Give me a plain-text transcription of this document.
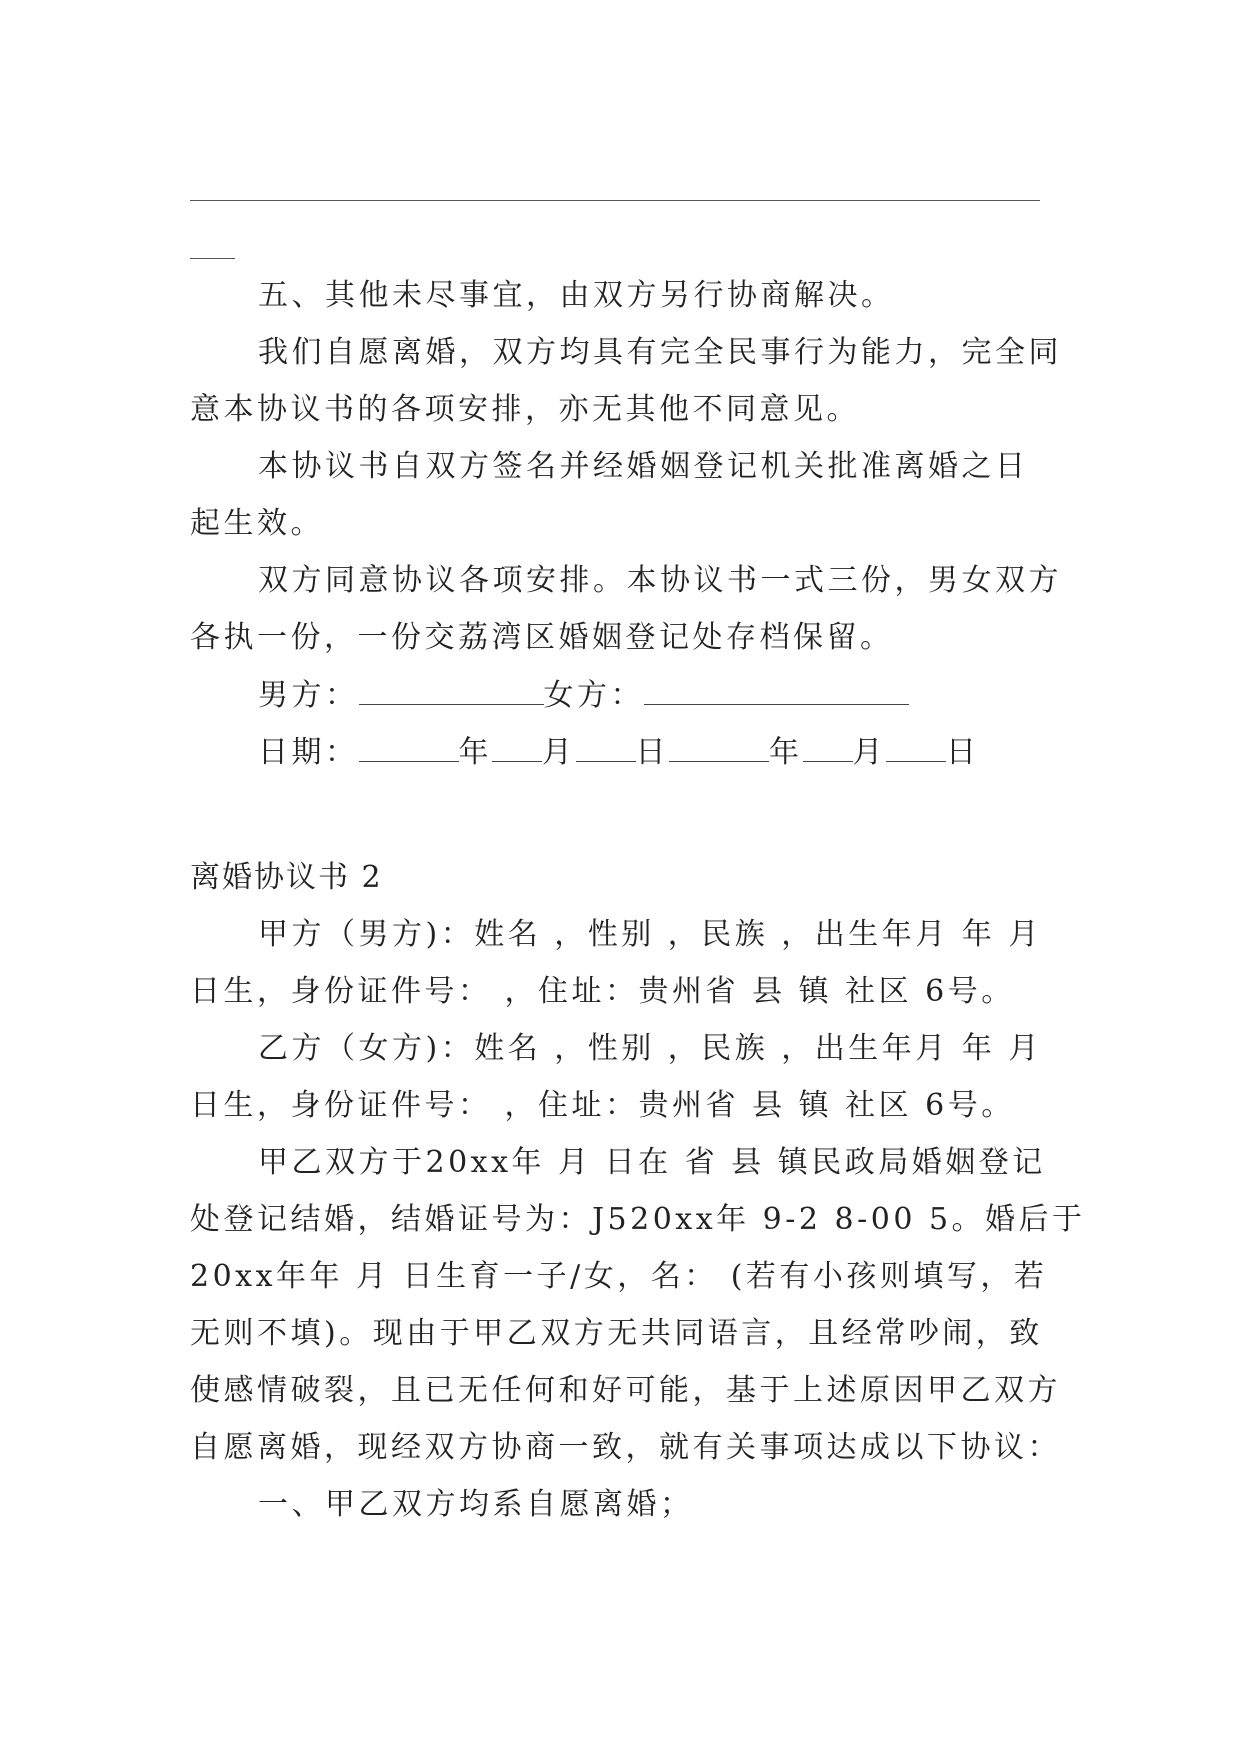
五、其他未尽事宜，由双方另行协商解决。
我们自愿离婚，双方均具有完全民事行为能力，完全同
意本协议书的各项安排，亦无其他不同意见。
本协议书自双方签名并经婚姻登记机关批准离婚之日
起生效。
双方同意协议各项安排。本协议书一式三份，男女双方
各执一份，一份交荔湾区婚姻登记处存档保留。
男方：	女方：
日期：	年 月 日	年 月 日
离婚协议书 2
甲方（男方)：姓名 ，性别 ，民族 ，出生年月 年 月
日生，身份证件号： ，住址：贵州省 县 镇 社区 6号。
乙方（女方)：姓名 ，性别 ，民族 ，出生年月 年 月
日生，身份证件号： ，住址：贵州省 县 镇 社区 6号。
甲乙双方于20xx年 月 日在 省 县 镇民政局婚姻登记
处登记结婚，结婚证号为：J520xx年 9-2 8-00 5。婚后于
20xx年年 月 日生育一子/女，名： (若有小孩则填写，若
无则不填)。现由于甲乙双方无共同语言，且经常吵闹，致
使感情破裂，且已无任何和好可能，基于上述原因甲乙双方
自愿离婚，现经双方协商一致，就有关事项达成以下协议：
一、甲乙双方均系自愿离婚；
